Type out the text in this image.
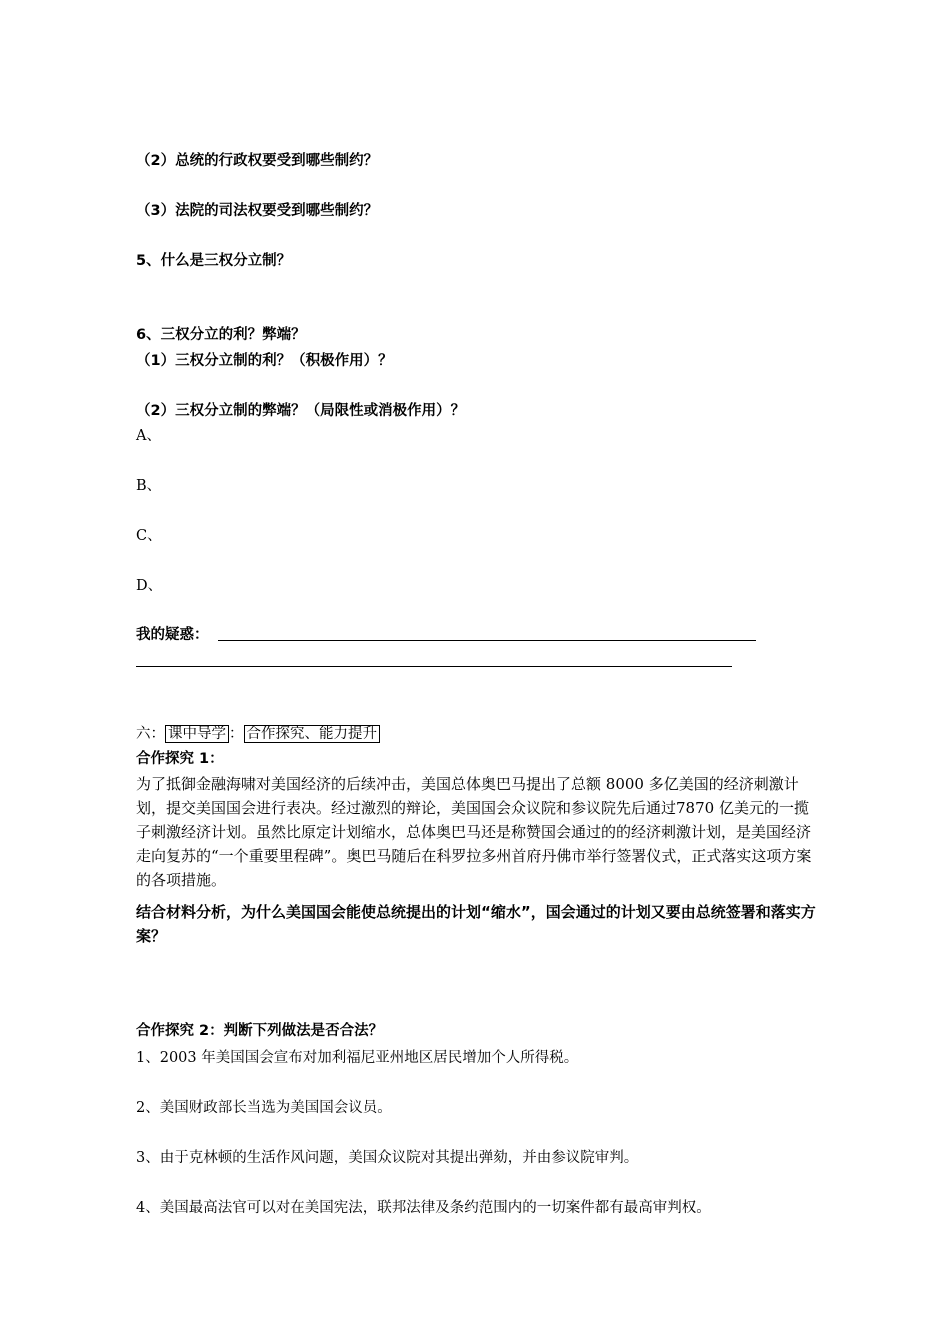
（2）总统的行政权要受到哪些制约？
（3）法院的司法权要受到哪些制约？
5、什么是三权分立制？
6、三权分立的利？弊端？
（1）三权分立制的利？（积极作用）？
（2）三权分立制的弊端？（局限性或消极作用）？
A、
B、
C、
D、
我的疑惑：
六： 课中导学 ： 合作探究、能力提升
合作探究 1：
为了抵御金融海啸对美国经济的后续冲击，美国总体奥巴马提出了总额 8000 多亿美国的经济刺激计划，提交美国国会进行表决。经过激烈的辩论，美国国会众议院和参议院先后通过7870 亿美元的一揽子刺激经济计划。虽然比原定计划缩水，总体奥巴马还是称赞国会通过的的经济刺激计划，是美国经济走向复苏的“一个重要里程碑”。奥巴马随后在科罗拉多州首府丹佛市举行签署仪式，正式落实这项方案的各项措施。
结合材料分析，为什么美国国会能使总统提出的计划“缩水”，国会通过的计划又要由总统签署和落实方案？
合作探究 2：判断下列做法是否合法？
1、2003 年美国国会宣布对加利福尼亚州地区居民增加个人所得税。
2、美国财政部长当选为美国国会议员。
3、由于克林顿的生活作风问题，美国众议院对其提出弹劾，并由参议院审判。
4、美国最高法官可以对在美国宪法，联邦法律及条约范围内的一切案件都有最高审判权。
